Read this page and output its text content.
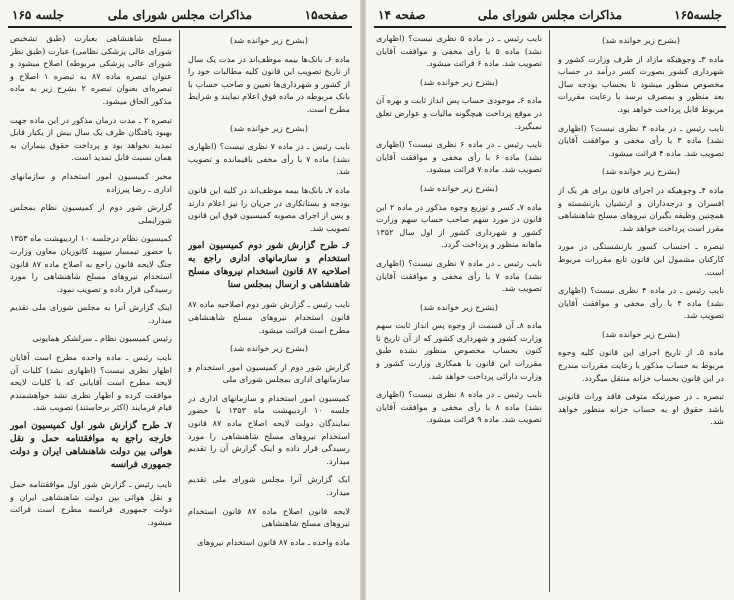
صفحه۱۵
مذاکرات مجلس شورای ملی
جلسه ۱۶۵
(بشرح زیر خوانده شد)
ماده ۶ـ بانک‌ها بیمه موظف‌اند در مدت یک سال از تاریخ تصویب این قانون کلیه مطالبات خود را از کشور و شهرداری‌ها تعیین و صاحب حساب با بانک مربوطه در ماده فوق اعلام نمایند و شرایط مطرح است.
(بشرح زیر خوانده شد)
نایب رئیس ـ در ماده ۷ نظری نیست؟ (اظهاری نشد) ماده ۷ با رأی مخفی باقیمانده و تصویب شد.
ماده ۷ـ بانک‌ها بیمه موظف‌اند در کلیه این قانون بودجه و بستانکاری در جریان را نیز اعلام دارند و پس از اجرای مصوبه کمیسیون فوق این قانون تصویب شد.
۶ـ طرح گزارش شور دوم کمیسیون امور استخدام و سازمانهای اداری راجع به اصلاحیه ۸۷ قانون استخدام نیروهای مسلح شاهنشاهی و ارسال بمجلس سنا
نایب رئیس ـ گزارش شور دوم اصلاحیه ماده ۸۷ قانون استخدام نیروهای مسلح شاهنشاهی مطرح است قرائت میشود.
(بشرح زیر خوانده شد)
گزارش شور دوم از کمیسیون امور استخدام و سازمانهای اداری بمجلس شورای ملی
کمیسیون امور استخدام و سازمانهای اداری در جلسه ۱۰ اردیبهشت ماه ۱۳۵۳ با حضور نمایندگان دولت لایحه اصلاح ماده ۸۷ قانون استخدام نیروهای مسلح شاهنشاهی را مورد رسیدگی قرار داده و اینک گزارش آن را تقدیم میدارد.
ایک گزارش آنرا مجلس شورای ملی تقدیم میدارد.
لایحه قانون اصلاح ماده ۸۷ قانون استخدام نیروهای مسلح شاهنشاهی
ماده واحده ـ ماده ۸۷ قانون استخدام نیروهای
مسلح شاهنشاهی بعبارت (طبق تشخیص شورای عالی پزشکی نظامی) عبارت (طبق نظر شورای عالی پزشکی مربوطه) اصلاح میشود و عنوان تبصره ماده ۸۷ به تبصره ۱ اصلاح و تبصره‌ای بعنوان تبصره ۲ بشرح زیر به ماده مذکور الحاق میشود.
تبصره ۲ ـ مدت درمان مذکور در این ماده جهت بهبود یافتگان ظرف یک سال بیش از یکبار قابل تمدید نخواهد بود و پرداخت حقوق بیماران به همان نسبت قابل تمدید است.
مخبر کمیسیون امور استخدام و سازمانهای اداری ـ رضا پیرزاده
گزارش شور دوم از کمیسیون نظام بمجلس شورایملی
کمیسیون نظام درجلسه ۱۰ اردیبهشت ماه ۱۳۵۳ با حضور تیمسار سپهبد کاتوزیان معاون وزارت جنگ لایحه قانون راجع به اصلاح ماده ۸۷ قانون استخدام نیروهای مسلح شاهنشاهی را مورد رسیدگی قرار داده و تصویب نمود.
اینک گزارش آنرا به مجلس شورای ملی تقدیم میدارد.
رئیس کمیسیون نظام ـ سرلشکر همایونی
نایب رئیس ـ ماده واحده مطرح است آقایان اظهار نظری نیست؟ (اظهاری نشد) کلیات آن لایحه مطرح است آقایانی که با کلیات لایحه موافقت کرده و اظهار نظری نشد خواهشمندم قیام فرمایند (اکثر برخاستند) تصویب شد.
۷ـ طرح گزارش شور اول کمیسیون امور خارجه راجع به موافقتنامه حمل و نقل هوائی بین دولت شاهنشاهی ایران و دولت جمهوری فرانسه
نایب رئیس ـ گزارش شور اول موافقتنامه حمل و نقل هوائی بین دولت شاهنشاهی ایران و دولت جمهوری فرانسه مطرح است قرائت میشود.
جلسه۱۶۵
مذاکرات مجلس شورای ملی
صفحه ۱۴
(بشرح زیر خوانده شد)
ماده ۳ـ وجوهیکه مازاد از طرف وزارت کشور و شهرداری کشور بصورت کسر درآمد در حساب مخصوص منظور میشود تا بحساب بودجه سال بعد منظور و بمصرف برسد با رعایت مقررات مربوط قابل پرداخت خواهد بود.
نایب رئیس ـ در ماده ۳ نظری نیست؟ (اظهاری نشد) ماده ۳ با رأی مخفی و موافقت آقایان تصویب شد. ماده ۴ قرائت میشود.
(بشرح زیر خوانده شد)
ماده ۴ـ وجوهیکه در اجرای قانون برای هر یک از افسران و درجه‌داران و ارتشیان بازنشسته و همچنین وظیفه بگیران نیروهای مسلح شاهنشاهی مقرر است پرداخت خواهد شد.
تبصره ـ احتساب کسور بازنشستگی در مورد کارکنان مشمول این قانون تابع مقررات مربوط است.
نایب رئیس ـ در ماده ۴ نظری نیست؟ (اظهاری نشد) ماده ۴ با رأی مخفی و موافقت آقایان تصویب شد.
(بشرح زیر خوانده شد)
ماده ۵ـ از تاریخ اجرای این قانون کلیه وجوه مربوط به حساب مذکور با رعایت مقررات مندرج در این قانون بحساب خزانه منتقل میگردد.
تبصره ـ در صورتیکه متوفی فاقد وراث قانونی باشد حقوق او به حساب خزانه منظور خواهد شد.
نایب رئیس ـ در ماده ۵ نظری نیست؟ (اظهاری نشد) ماده ۵ با رأی مخفی و موافقت آقایان تصویب شد. ماده ۶ قرائت میشود.
(بشرح زیر خوانده شد)
ماده ۶ـ موجودی حساب پس انداز ثابت و بهره آن در موقع پرداخت هیچگونه مالیات و عوارض تعلق نمیگیرد.
نایب رئیس ـ در ماده ۶ نظری نیست؟ (اظهاری نشد) ماده ۶ با رأی مخفی و موافقت آقایان تصویب شد. ماده ۷ قرائت میشود.
(بشرح زیر خوانده شد)
ماده ۷ـ کسر و توزیع وجوه مذکور در ماده ۲ این قانون در مورد سهم صاحب حساب سهم وزارت کشور و شهرداری کشور از اول سال ۱۳۵۲ ماهانه منظور و پرداخت گردد.
نایب رئیس ـ در ماده ۷ نظری نیست؟ (اظهاری نشد) ماده ۷ با رأی مخفی و موافقت آقایان تصویب شد.
(بشرح زیر خوانده شد)
ماده ۸ـ آن قسمت از وجوه پس انداز ثابت سهم وزارت کشور و شهرداری کشور که از آن تاریخ تا کنون بحساب مخصوص منظور نشده طبق مقررات این قانون با همکاری وزارت کشور و وزارت دارائی پرداخت خواهد شد.
نایب رئیس ـ در ماده ۸ نظری نیست؟ (اظهاری نشد) ماده ۸ با رأی مخفی و موافقت آقایان تصویب شد. ماده ۹ قرائت میشود.
